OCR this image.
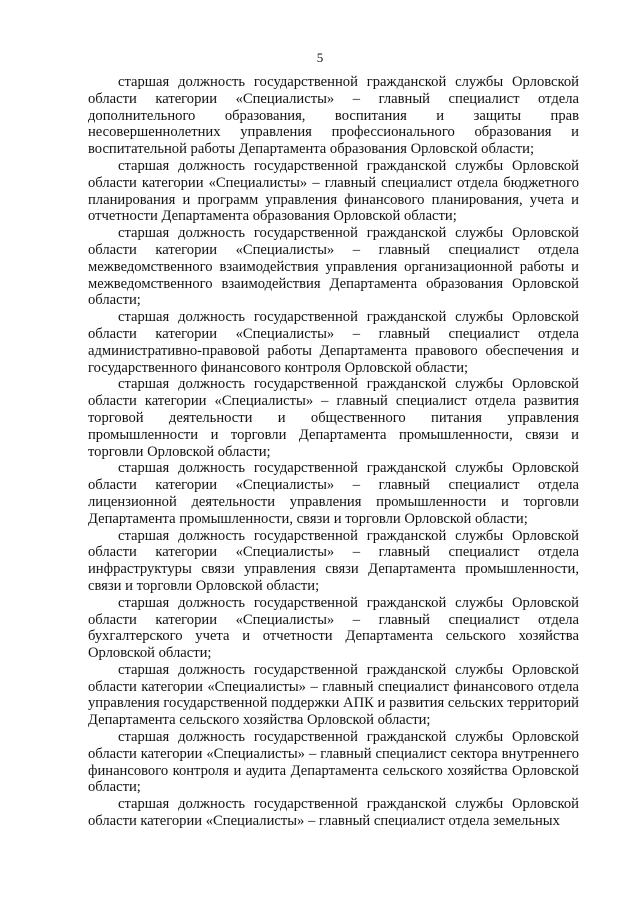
5

старшая должность государственной гражданской службы Орловской области категории «Специалисты» – главный специалист отдела дополнительного образования, воспитания и защиты прав несовершеннолетних управления профессионального образования и воспитательной работы Департамента образования Орловской области;

старшая должность государственной гражданской службы Орловской области категории «Специалисты» – главный специалист отдела бюджетного планирования и программ управления финансового планирования, учета и отчетности Департамента образования Орловской области;

старшая должность государственной гражданской службы Орловской области категории «Специалисты» – главный специалист отдела межведомственного взаимодействия управления организационной работы и межведомственного взаимодействия Департамента образования Орловской области;

старшая должность государственной гражданской службы Орловской области категории «Специалисты» – главный специалист отдела административно-правовой работы Департамента правового обеспечения и государственного финансового контроля Орловской области;

старшая должность государственной гражданской службы Орловской области категории «Специалисты» – главный специалист отдела развития торговой деятельности и общественного питания управления промышленности и торговли Департамента промышленности, связи и торговли Орловской области;

старшая должность государственной гражданской службы Орловской области категории «Специалисты» – главный специалист отдела лицензионной деятельности управления промышленности и торговли Департамента промышленности, связи и торговли Орловской области;

старшая должность государственной гражданской службы Орловской области категории «Специалисты» – главный специалист отдела инфраструктуры связи управления связи Департамента промышленности, связи и торговли Орловской области;

старшая должность государственной гражданской службы Орловской области категории «Специалисты» – главный специалист отдела бухгалтерского учета и отчетности Департамента сельского хозяйства Орловской области;

старшая должность государственной гражданской службы Орловской области категории «Специалисты» – главный специалист финансового отдела управления государственной поддержки АПК и развития сельских территорий Департамента сельского хозяйства Орловской области;

старшая должность государственной гражданской службы Орловской области категории «Специалисты» – главный специалист сектора внутреннего финансового контроля и аудита Департамента сельского хозяйства Орловской области;

старшая должность государственной гражданской службы Орловской области категории «Специалисты» – главный специалист отдела земельных
